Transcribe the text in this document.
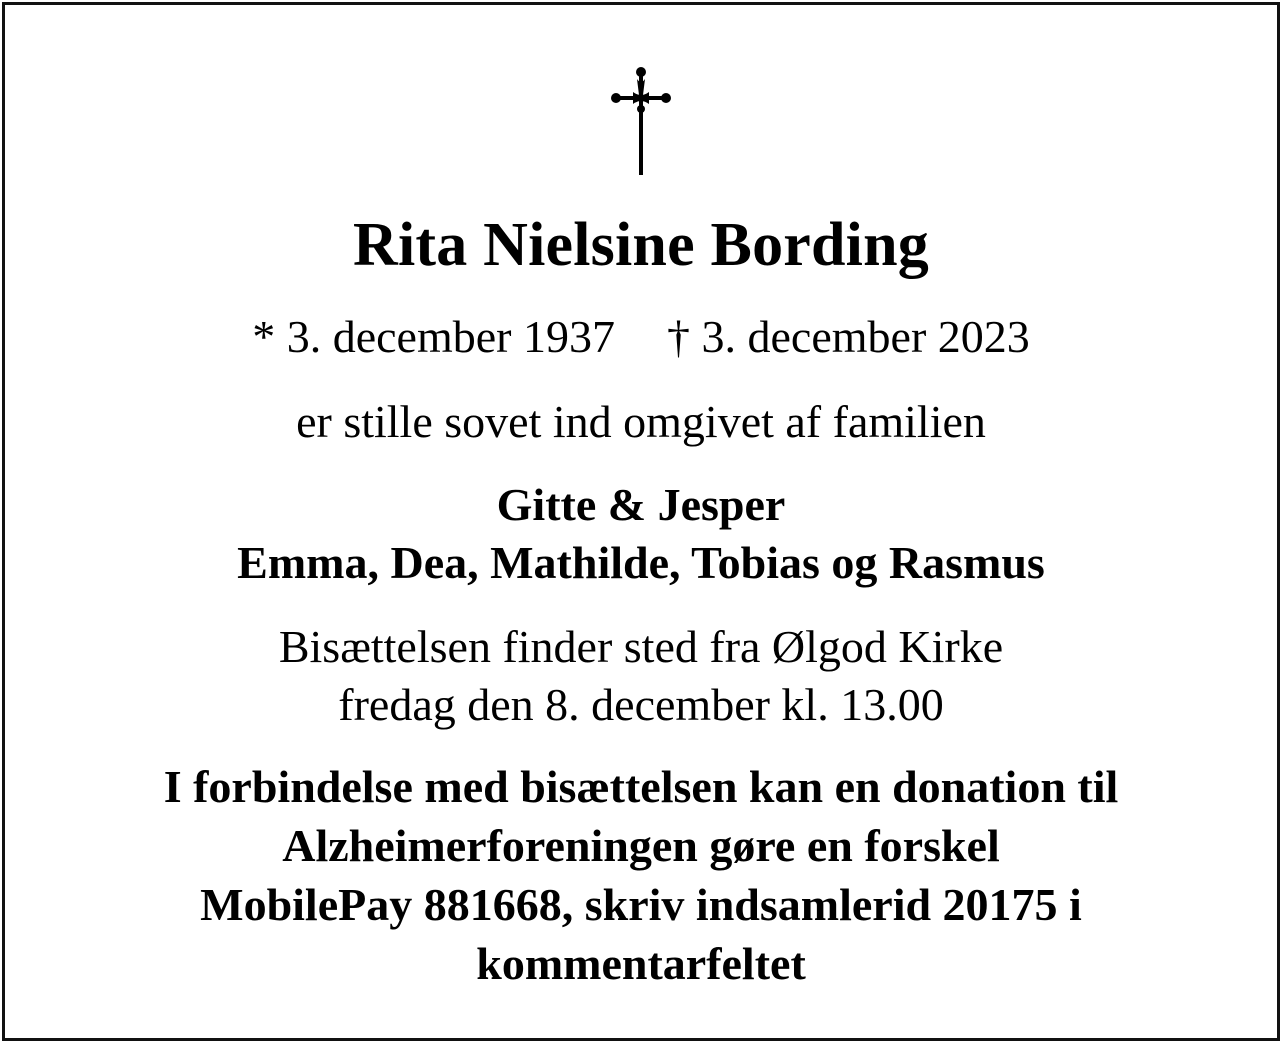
Rita Nielsine Bording
* 3. december 1937 † 3. december 2023
er stille sovet ind omgivet af familien
Gitte & Jesper
Emma, Dea, Mathilde, Tobias og Rasmus
Bisættelsen finder sted fra Ølgod Kirke
fredag den 8. december kl. 13.00
I forbindelse med bisættelsen kan en donation til
Alzheimerforeningen gøre en forskel
MobilePay 881668, skriv indsamlerid 20175 i
kommentarfeltet
